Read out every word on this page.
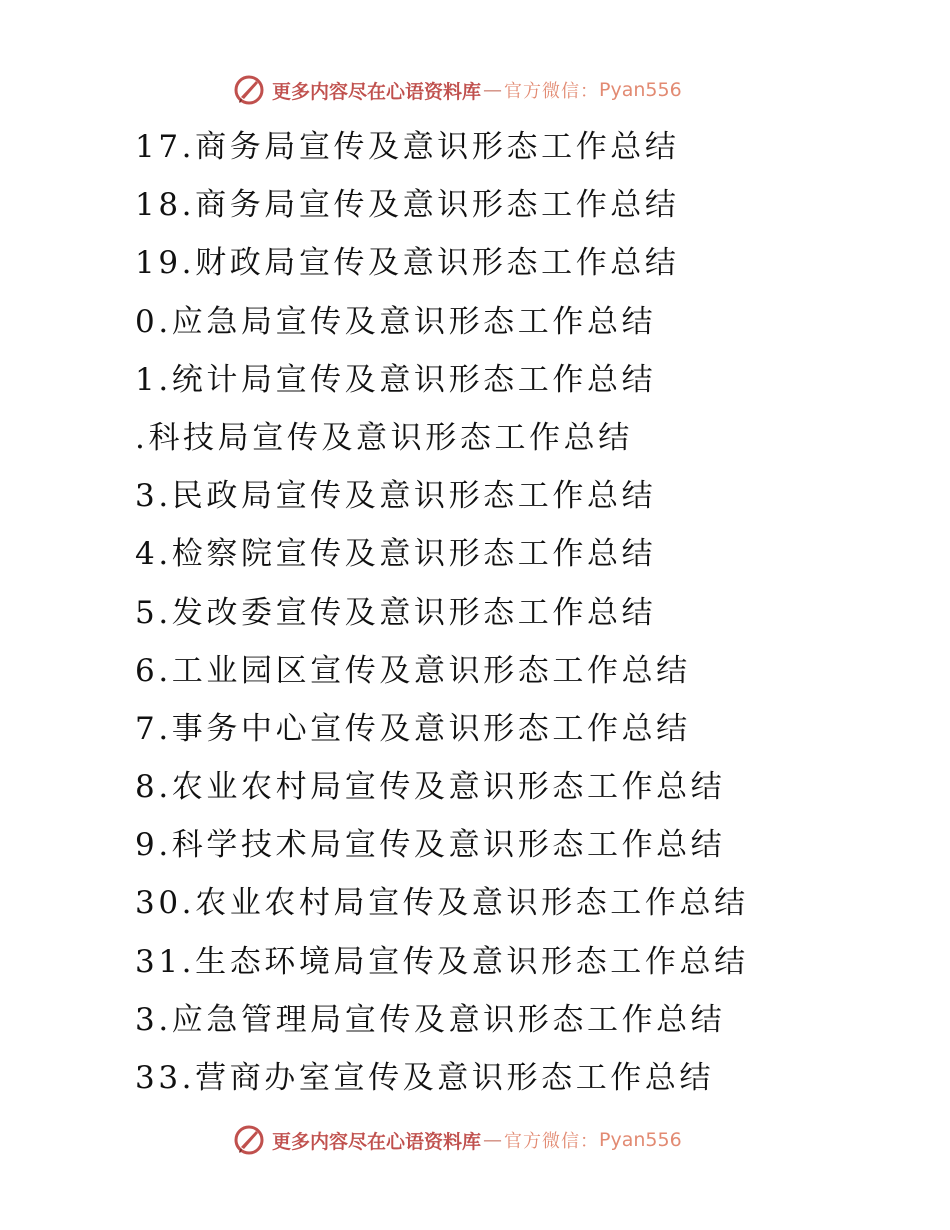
更多内容尽在心语资料库 — 官方微信： Pyan556
17.商务局宣传及意识形态工作总结
18.商务局宣传及意识形态工作总结
19.财政局宣传及意识形态工作总结
0.应急局宣传及意识形态工作总结
1.统计局宣传及意识形态工作总结
.科技局宣传及意识形态工作总结
3.民政局宣传及意识形态工作总结
4.检察院宣传及意识形态工作总结
5.发改委宣传及意识形态工作总结
6.工业园区宣传及意识形态工作总结
7.事务中心宣传及意识形态工作总结
8.农业农村局宣传及意识形态工作总结
9.科学技术局宣传及意识形态工作总结
30.农业农村局宣传及意识形态工作总结
31.生态环境局宣传及意识形态工作总结
3.应急管理局宣传及意识形态工作总结
33.营商办室宣传及意识形态工作总结
更多内容尽在心语资料库 — 官方微信： Pyan556
